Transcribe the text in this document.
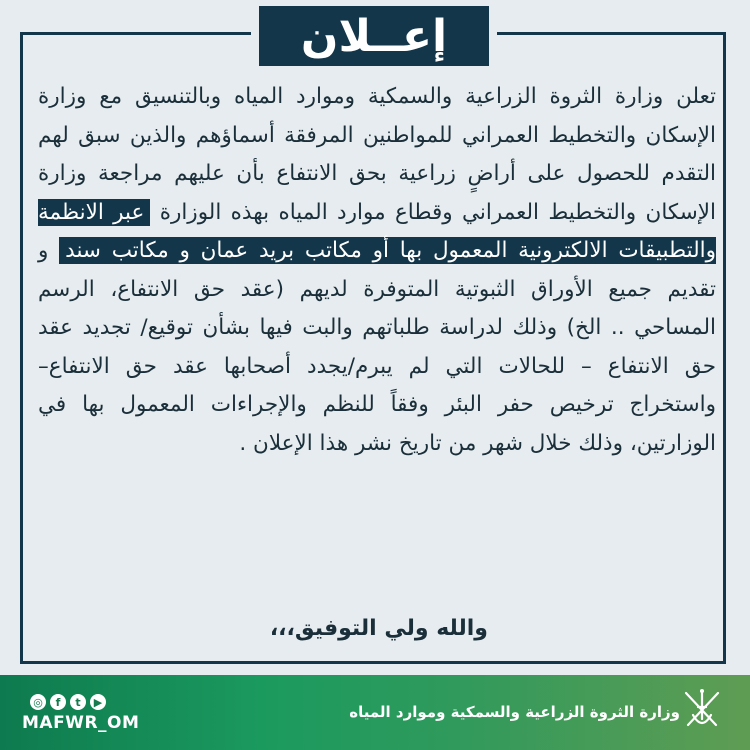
إعــلان
تعلن وزارة الثروة الزراعية والسمكية وموارد المياه وبالتنسيق مع وزارة الإسكان والتخطيط العمراني للمواطنين المرفقة أسماؤهم والذين سبق لهم التقدم للحصول على أراضٍ زراعية بحق الانتفاع بأن عليهم مراجعة وزارة الإسكان والتخطيط العمراني وقطاع موارد المياه بهذه الوزارة عبر الانظمة والتطبيقات الالكترونية المعمول بها أو مكاتب بريد عمان و مكاتب سند و تقديم جميع الأوراق الثبوتية المتوفرة لديهم (عقد حق الانتفاع، الرسم المساحي .. الخ) وذلك لدراسة طلباتهم والبت فيها بشأن توقيع/ تجديد عقد حق الانتفاع – للحالات التي لم يبرم/يجدد أصحابها عقد حق الانتفاع– واستخراج ترخيص حفر البئر وفقاً للنظم والإجراءات المعمول بها في الوزارتين، وذلك خلال شهر من تاريخ نشر هذا الإعلان .
والله ولي التوفيق،،،
◎	f	t	▶
MAFWR_OM
وزارة الثروة الزراعية والسمكية وموارد المياه
